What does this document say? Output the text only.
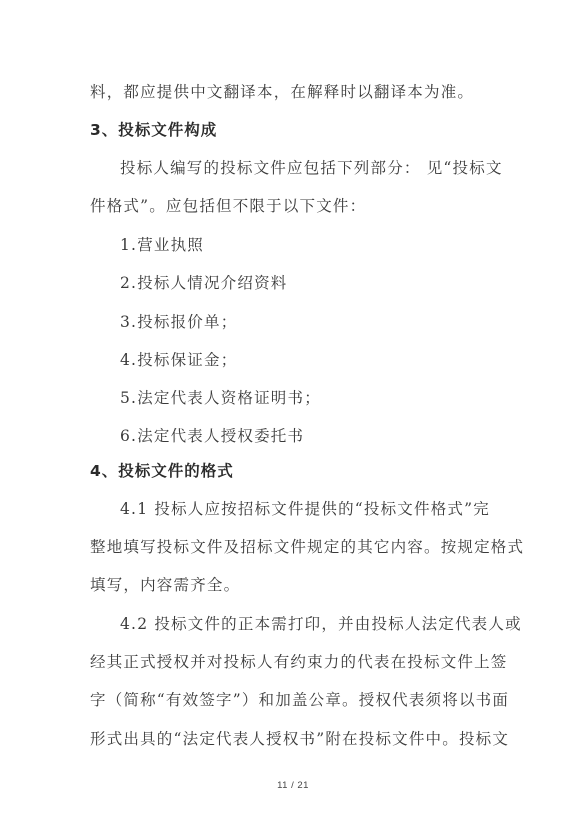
料，都应提供中文翻译本，在解释时以翻译本为准。
3、投标文件构成
投标人编写的投标文件应包括下列部分： 见“投标文
件格式”。应包括但不限于以下文件：
1.营业执照
2.投标人情况介绍资料
3.投标报价单；
4.投标保证金；
5.法定代表人资格证明书；
6.法定代表人授权委托书
4、投标文件的格式
4.1 投标人应按招标文件提供的“投标文件格式”完
整地填写投标文件及招标文件规定的其它内容。按规定格式
填写，内容需齐全。
4.2 投标文件的正本需打印，并由投标人法定代表人或
经其正式授权并对投标人有约束力的代表在投标文件上签
字（简称“有效签字”）和加盖公章。授权代表须将以书面
形式出具的“法定代表人授权书”附在投标文件中。投标文
11 / 21
